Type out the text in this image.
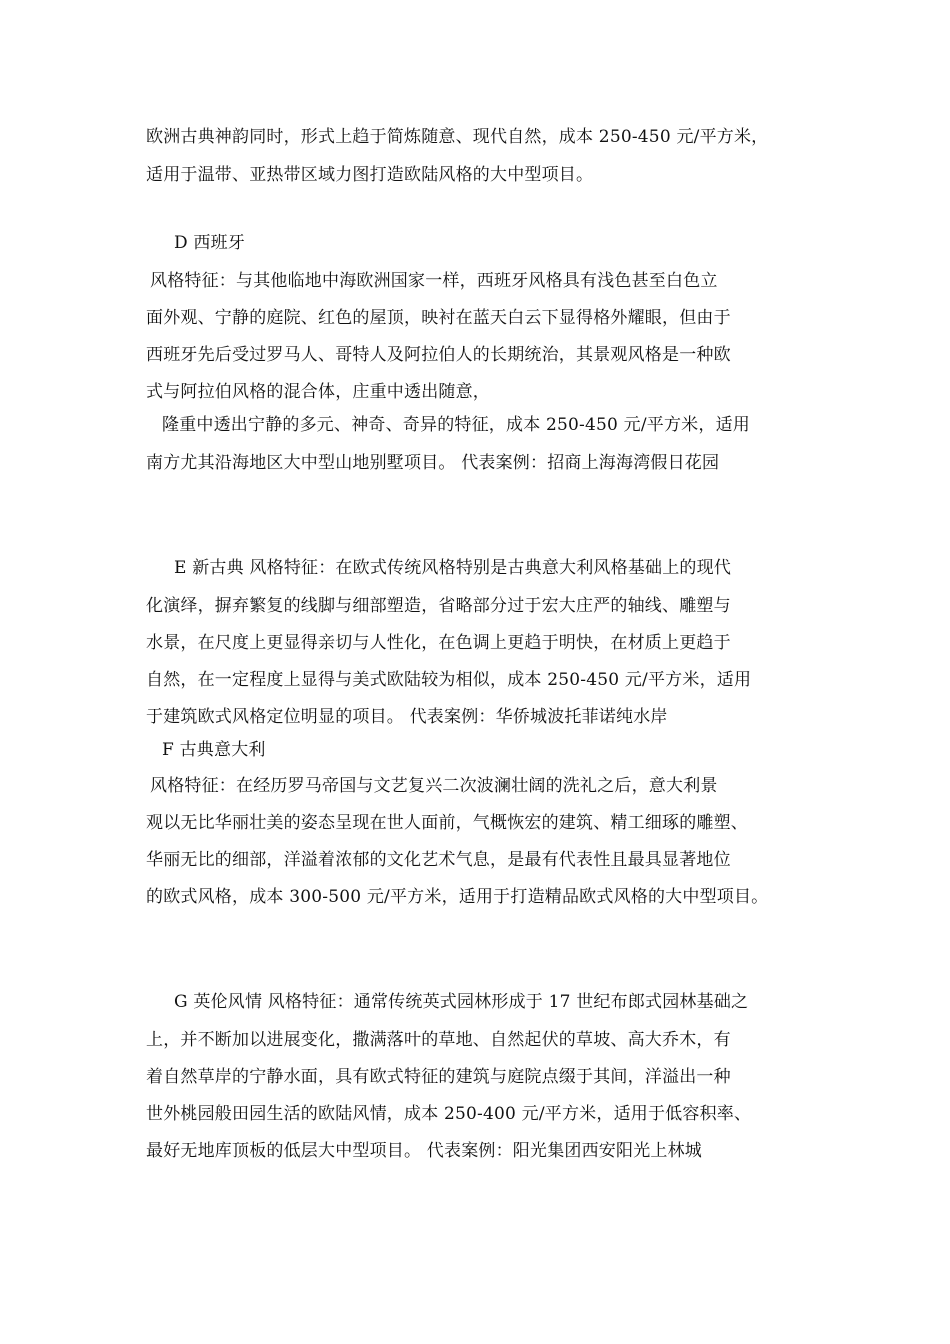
欧洲古典神韵同时，形式上趋于简炼随意、现代自然，成本 250-450 元/平方米，
适用于温带、亚热带区域力图打造欧陆风格的大中型项目。
D 西班牙
风格特征：与其他临地中海欧洲国家一样，西班牙风格具有浅色甚至白色立
面外观、宁静的庭院、红色的屋顶，映衬在蓝天白云下显得格外耀眼，但由于
西班牙先后受过罗马人、哥特人及阿拉伯人的长期统治，其景观风格是一种欧
式与阿拉伯风格的混合体，庄重中透出随意，
隆重中透出宁静的多元、神奇、奇异的特征，成本 250-450 元/平方米，适用
南方尤其沿海地区大中型山地别墅项目。 代表案例：招商上海海湾假日花园
E 新古典 风格特征：在欧式传统风格特别是古典意大利风格基础上的现代
化演绎，摒弃繁复的线脚与细部塑造，省略部分过于宏大庄严的轴线、雕塑与
水景，在尺度上更显得亲切与人性化，在色调上更趋于明快，在材质上更趋于
自然，在一定程度上显得与美式欧陆较为相似，成本 250-450 元/平方米，适用
于建筑欧式风格定位明显的项目。 代表案例：华侨城波托菲诺纯水岸
F 古典意大利
风格特征：在经历罗马帝国与文艺复兴二次波澜壮阔的洗礼之后，意大利景
观以无比华丽壮美的姿态呈现在世人面前，气概恢宏的建筑、精工细琢的雕塑、
华丽无比的细部，洋溢着浓郁的文化艺术气息，是最有代表性且最具显著地位
的欧式风格，成本 300-500 元/平方米，适用于打造精品欧式风格的大中型项目。
G 英伦风情 风格特征：通常传统英式园林形成于 17 世纪布郎式园林基础之
上，并不断加以进展变化，撒满落叶的草地、自然起伏的草坡、高大乔木，有
着自然草岸的宁静水面，具有欧式特征的建筑与庭院点缀于其间，洋溢出一种
世外桃园般田园生活的欧陆风情，成本 250-400 元/平方米，适用于低容积率、
最好无地库顶板的低层大中型项目。 代表案例：阳光集团西安阳光上林城
